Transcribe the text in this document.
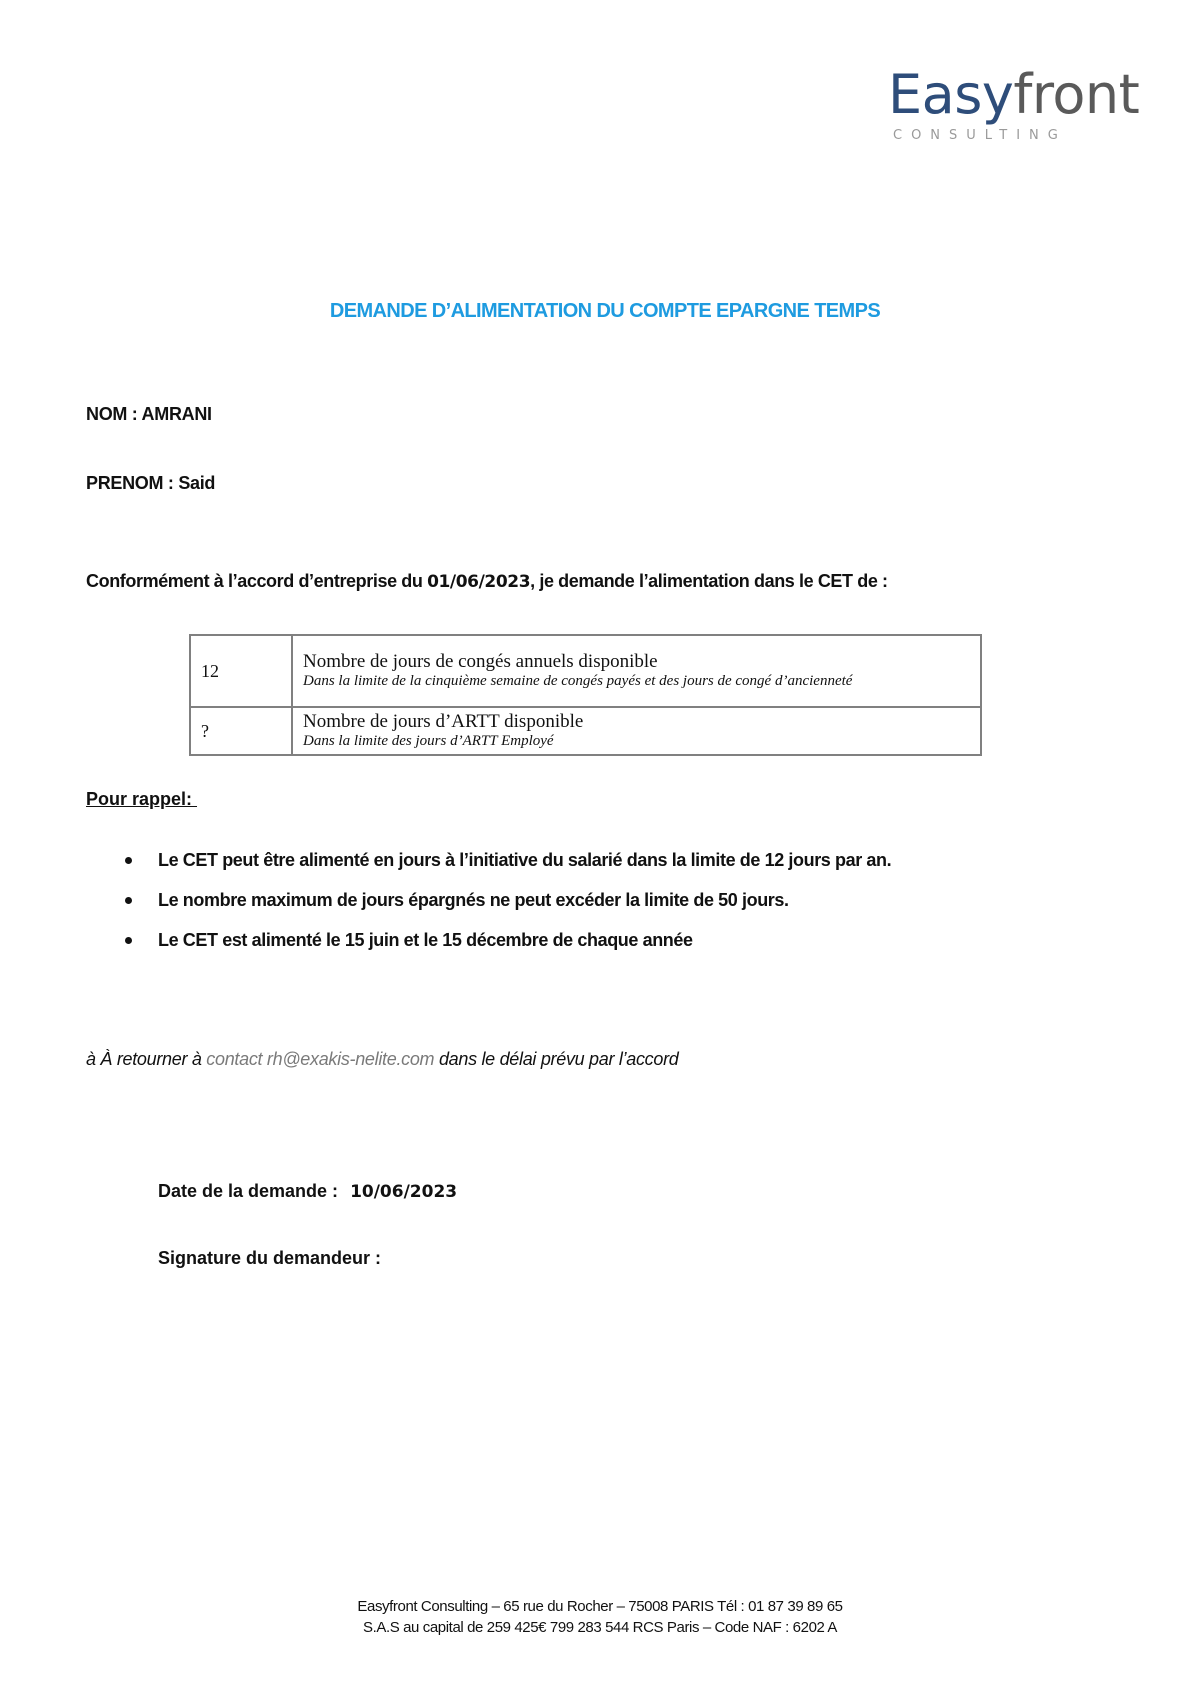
Easyfront
CONSULTING
DEMANDE D’ALIMENTATION DU COMPTE EPARGNE TEMPS
NOM : AMRANI
PRENOM : Said
Conformément à l’accord d’entreprise du 01/06/2023, je demande l’alimentation dans le CET de :
12	Nombre de jours de congés annuels disponible
Dans la limite de la cinquième semaine de congés payés et des jours de congé d’ancienneté

?	Nombre de jours d’ARTT disponible
Dans la limite des jours d’ARTT Employé
Pour rappel:
Le CET peut être alimenté en jours à l’initiative du salarié dans la limite de 12 jours par an.
Le nombre maximum de jours épargnés ne peut excéder la limite de 50 jours.
Le CET est alimenté le 15 juin et le 15 décembre de chaque année
à À retourner à contact rh@exakis-nelite.com dans le délai prévu par l’accord
Date de la demande : 10/06/2023
Signature du demandeur :
Easyfront Consulting – 65 rue du Rocher – 75008 PARIS Tél : 01 87 39 89 65
S.A.S au capital de 259 425€ 799 283 544 RCS Paris – Code NAF : 6202 A
